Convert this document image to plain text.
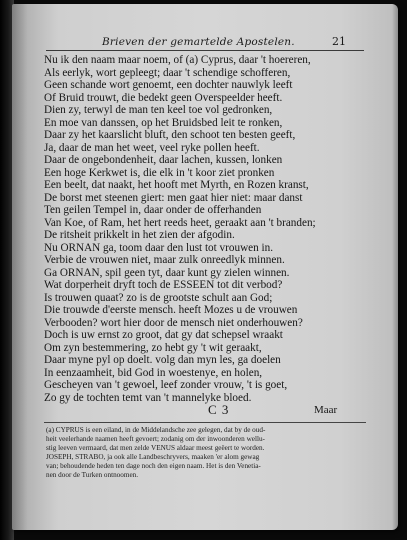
Brieven der gemartelde Apostelen.	21
Nu ik den naam maar noem, of (a) Cyprus, daar 't hoereren,
Als eerlyk, wort gepleegt; daar 't schendige schofferen,
Geen schande wort genoemt, een dochter nauwlyk leeft
Of Bruid trouwt, die bedekt geen Overspeelder heeft.
Dien zy, terwyl de man ten keel toe vol gedronken,
En moe van danssen, op het Bruidsbed leit te ronken,
Daar zy het kaarslicht bluft, den schoot ten besten geeft,
Ja, daar de man het weet, veel ryke pollen heeft.
Daar de ongebondenheit, daar lachen, kussen, lonken
Een hoge Kerkwet is, die elk in 't koor ziet pronken
Een beelt, dat naakt, het hooft met Myrth, en Rozen kranst,
De borst met steenen giert: men gaat hier niet: maar danst
Ten geilen Tempel in, daar onder de offerhanden
Van Koe, of Ram, het hert reeds heet, geraakt aan 't branden;
De ritsheit prikkelt in het zien der afgodin.
Nu ORNAN ga, toom daar den lust tot vrouwen in.
Verbie de vrouwen niet, maar zulk onreedlyk minnen.
Ga ORNAN, spil geen tyt, daar kunt gy zielen winnen.
Wat dorperheit dryft toch de ESSEEN tot dit verbod?
Is trouwen quaat? zo is de grootste schult aan God;
Die trouwde d'eerste mensch. heeft Mozes u de vrouwen
Verbooden? wort hier door de mensch niet onderhouwen?
Doch is uw ernst zo groot, dat gy dat schepsel wraakt
Om zyn bestemmering, zo hebt gy 't wit geraakt,
Daar myne pyl op doelt. volg dan myn les, ga doelen
In eenzaamheit, bid God in woestenye, en holen,
Gescheyen van 't gewoel, leef zonder vrouw, 't is goet,
Zo gy de tochten temt van 't mannelyke bloed.
C 3	Maar
(a) CYPRUS is een eiland, in de Middelandsche zee gelegen, dat by de oud-
heit veelerhande naamen heeft gevoert; zodanig om der inwoonderen wellu-
stig leeven vermaard, dat men zelde VENUS aldaar meest geëert te worden.
JOSEPH, STRABO, ja ook alle Landbeschryvers, maaken 'er alom gewag
van; behoudende heden ten dage noch den eigen naam. Het is den Venetia-
nen door de Turken ontnoomen.
